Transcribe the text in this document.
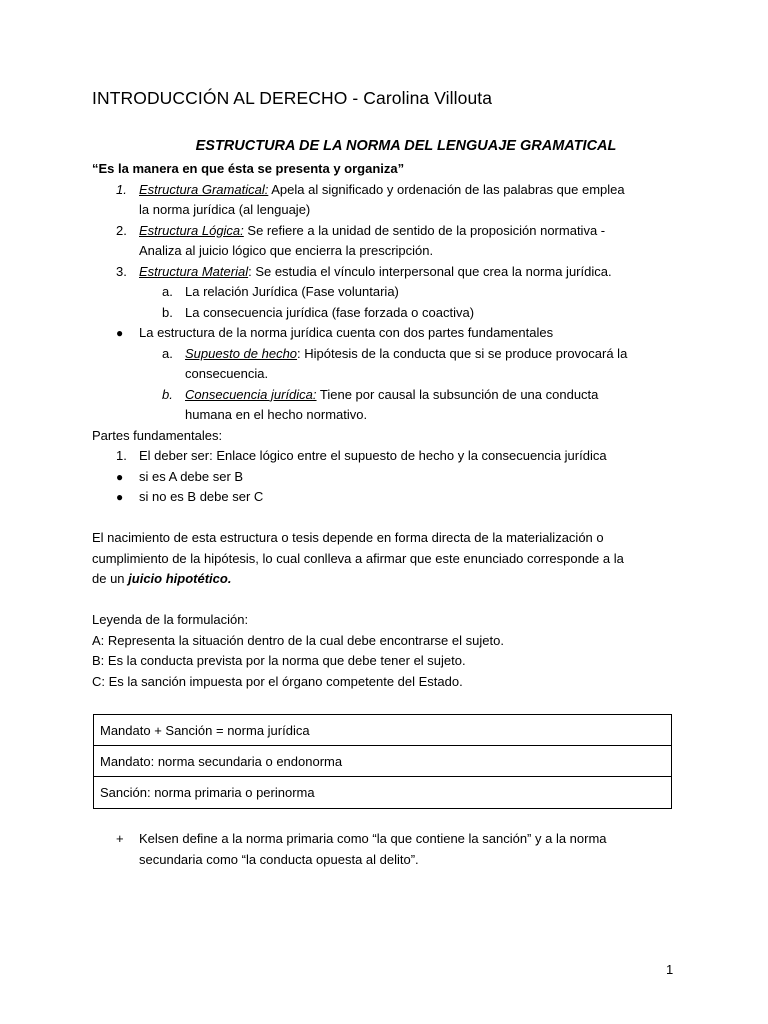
INTRODUCCIÓN AL DERECHO - Carolina Villouta
ESTRUCTURA DE LA NORMA DEL LENGUAJE GRAMATICAL
“Es la manera en que ésta se presenta y organiza”
1. Estructura Gramatical: Apela al significado y ordenación de las palabras que emplea
la norma jurídica (al lenguaje)
2. Estructura Lógica: Se refiere a la unidad de sentido de la proposición normativa -
Analiza al juicio lógico que encierra la prescripción.
3. Estructura Material: Se estudia el vínculo interpersonal que crea la norma jurídica.
a. La relación Jurídica (Fase voluntaria)
b. La consecuencia jurídica (fase forzada o coactiva)
● La estructura de la norma jurídica cuenta con dos partes fundamentales
a. Supuesto de hecho: Hipótesis de la conducta que si se produce provocará la
consecuencia.
b. Consecuencia jurídica: Tiene por causal la subsunción de una conducta
humana en el hecho normativo.
Partes fundamentales:
1. El deber ser: Enlace lógico entre el supuesto de hecho y la consecuencia jurídica
● si es A debe ser B
● si no es B debe ser C
El nacimiento de esta estructura o tesis depende en forma directa de la materialización o
cumplimiento de la hipótesis, lo cual conlleva a afirmar que este enunciado corresponde a la
de un juicio hipotético.
Leyenda de la formulación:
A: Representa la situación dentro de la cual debe encontrarse el sujeto.
B: Es la conducta prevista por la norma que debe tener el sujeto.
C: Es la sanción impuesta por el órgano competente del Estado.
Mandato + Sanción = norma jurídica
Mandato: norma secundaria o endonorma
Sanción: norma primaria o perinorma
+ Kelsen define a la norma primaria como “la que contiene la sanción” y a la norma
secundaria como “la conducta opuesta al delito”.
1
